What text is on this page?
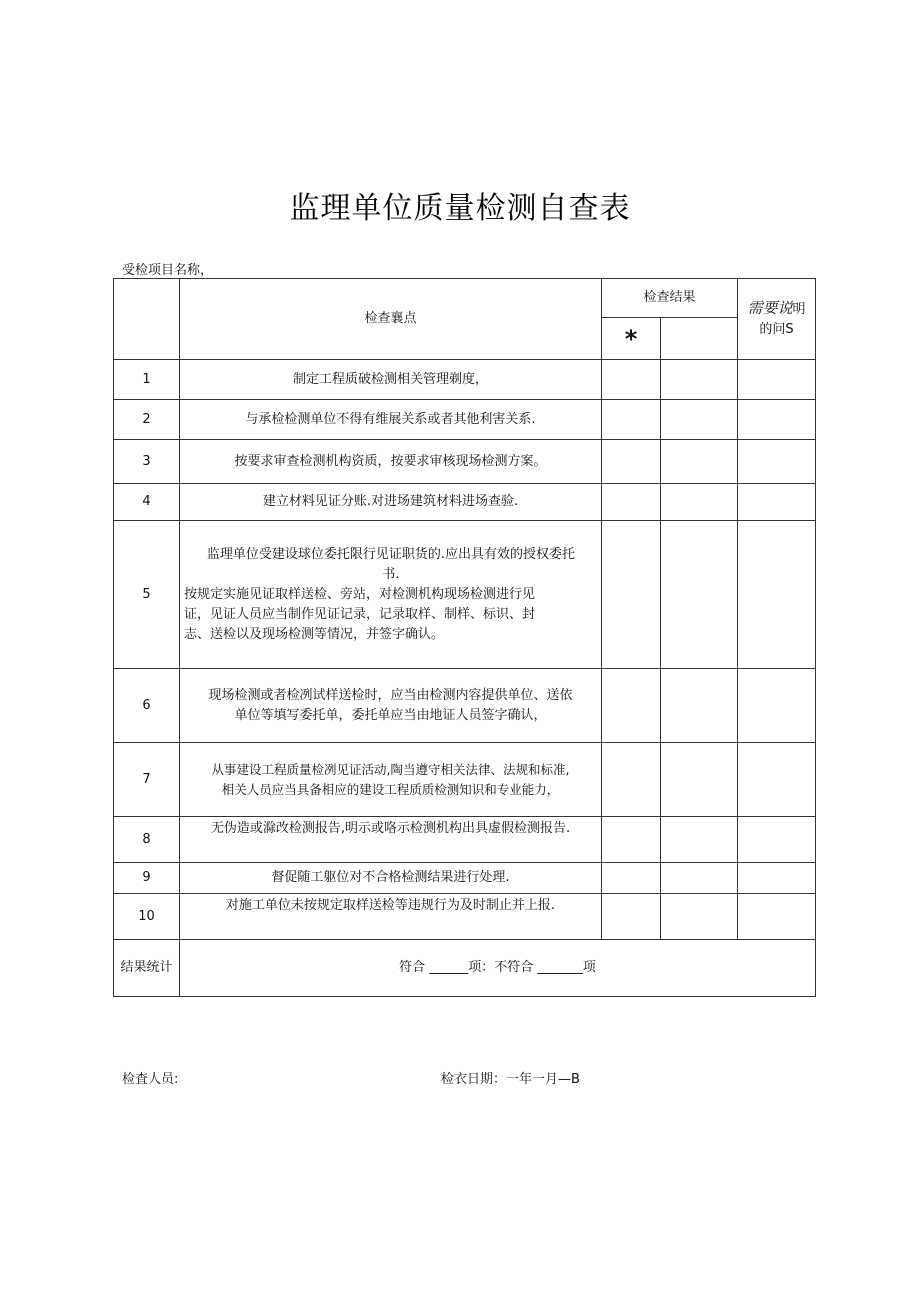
监理单位质量检测自查表
受检项目名称，
	检查襄点	检查结果		需要说明
的问S
		*		
1	制定工程质破检测相关管理剃度，			
2	与承检检测单位不得有维展关系或者其他利害关系.			
3	按要求审查检测机构资质，按要求审核现场检测方案。			
4	建立材料见证分账.对进场建筑材料进场查验.			
5	监理单位受建设球位委托限行见证职货的.应出具有效的授权委托
书.
按规定实施见证取样送检、旁站，对检测机构现场检测进行见
证，见证人员应当制作见证记录，记录取样、制样、标识、封
志、送检以及现场检测等情况，并签字确认。			

6	现场检测或者检冽试样送检时，应当由检测内容提供单位、送依
单位等填写委托单，委托单应当由地证人员签字确认，			

7	从事建设工程质量检冽见证活动,陶当遵守相关法律、法规和标准,
相关人员应当具备相应的建设工程质质检测知识和专业能力，			

8	无伪造或滁改检测报告,明示或咯示检测机构出具虚假检测报告.			
9	督促随工躯位对不合格检测结果进行处理.			
10	对施工单位未按规定取样送检等违规行为及时制止并上报.			
结果统计	符合 ______项：不符合 _______项			
检査人员:	检衣日期：一年一月—B
